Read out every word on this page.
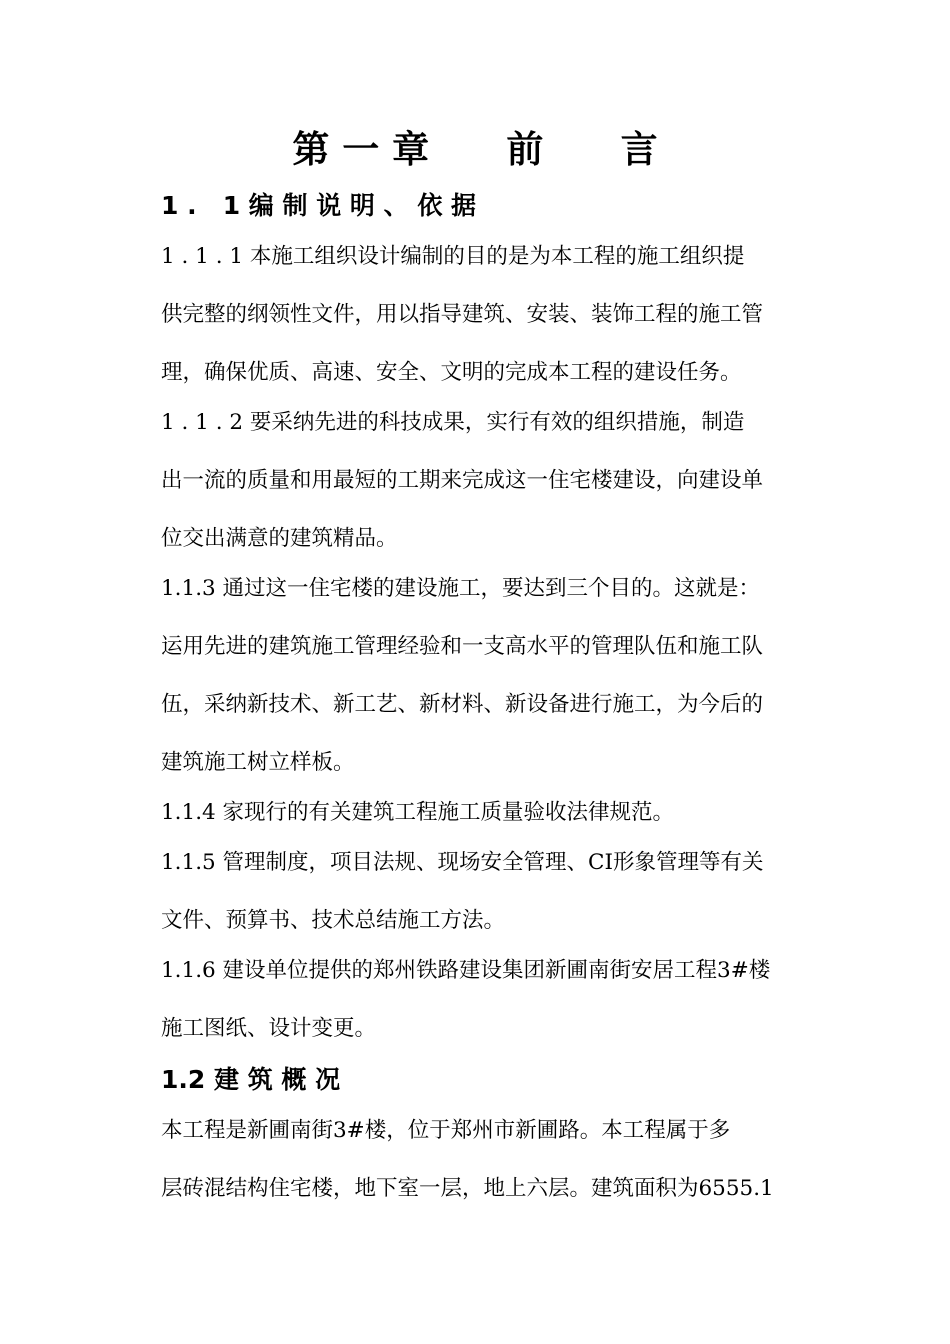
第 一 章      前      言
1 .   1 编 制 说 明 、 依 据
1 . 1 . 1 本施工组织设计编制的目的是为本工程的施工组织提
供完整的纲领性文件，用以指导建筑、安装、装饰工程的施工管
理，确保优质、高速、安全、文明的完成本工程的建设任务。
1 . 1 . 2 要采纳先进的科技成果，实行有效的组织措施，制造
出一流的质量和用最短的工期来完成这一住宅楼建设，向建设单
位交出满意的建筑精品。
1.1.3 通过这一住宅楼的建设施工，要达到三个目的。这就是：
运用先进的建筑施工管理经验和一支高水平的管理队伍和施工队
伍，采纳新技术、新工艺、新材料、新设备进行施工，为今后的
建筑施工树立样板。
1.1.4 家现行的有关建筑工程施工质量验收法律规范。
1.1.5 管理制度，项目法规、现场安全管理、CI形象管理等有关
文件、预算书、技术总结施工方法。
1.1.6 建设单位提供的郑州铁路建设集团新圃南街安居工程3#楼
施工图纸、设计变更。
1.2 建 筑 概 况
本工程是新圃南街3#楼，位于郑州市新圃路。本工程属于多
层砖混结构住宅楼，地下室一层，地上六层。建筑面积为6555.1
